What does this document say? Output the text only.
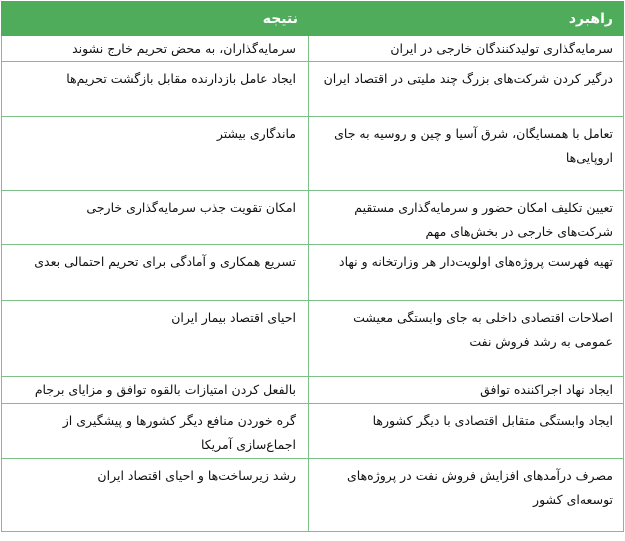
راهبرد	نتیجه
سرمایه‌گذاری تولیدکنندگان خارجی در ایران	سرمایه‌گذاران، به محض تحریم خارج نشوند
درگیر کردن شرکت‌های بزرگ چند ملیتی در اقتصاد ایران	ایجاد عامل بازدارنده مقابل بازگشت تحریم‌ها
تعامل با همسایگان، شرق آسیا و چین و روسیه به جای اروپایی‌ها	ماندگاری بیشتر
تعیین تکلیف امکان حضور و سرمایه‌گذاری مستقیم شرکت‌های خارجی در بخش‌های مهم	امکان تقویت جذب سرمایه‌گذاری خارجی
تهیه فهرست پروژه‌های اولویت‌دار هر وزارتخانه و نهاد	تسریع همکاری و آمادگی برای تحریم احتمالی بعدی
اصلاحات اقتصادی داخلی به جای وابستگی معیشت عمومی به رشد فروش نفت	احیای اقتصاد بیمار ایران
ایجاد نهاد اجراکننده توافق	بالفعل کردن امتیازات بالقوه توافق و مزایای برجام
ایجاد وابستگی متقابل اقتصادی با دیگر کشورها	گره خوردن منافع دیگر کشورها و پیشگیری از اجماع‌سازی آمریکا
مصرف درآمدهای افزایش فروش نفت در پروژه‌های توسعه‌ای کشور	رشد زیرساخت‌ها و احیای اقتصاد ایران
